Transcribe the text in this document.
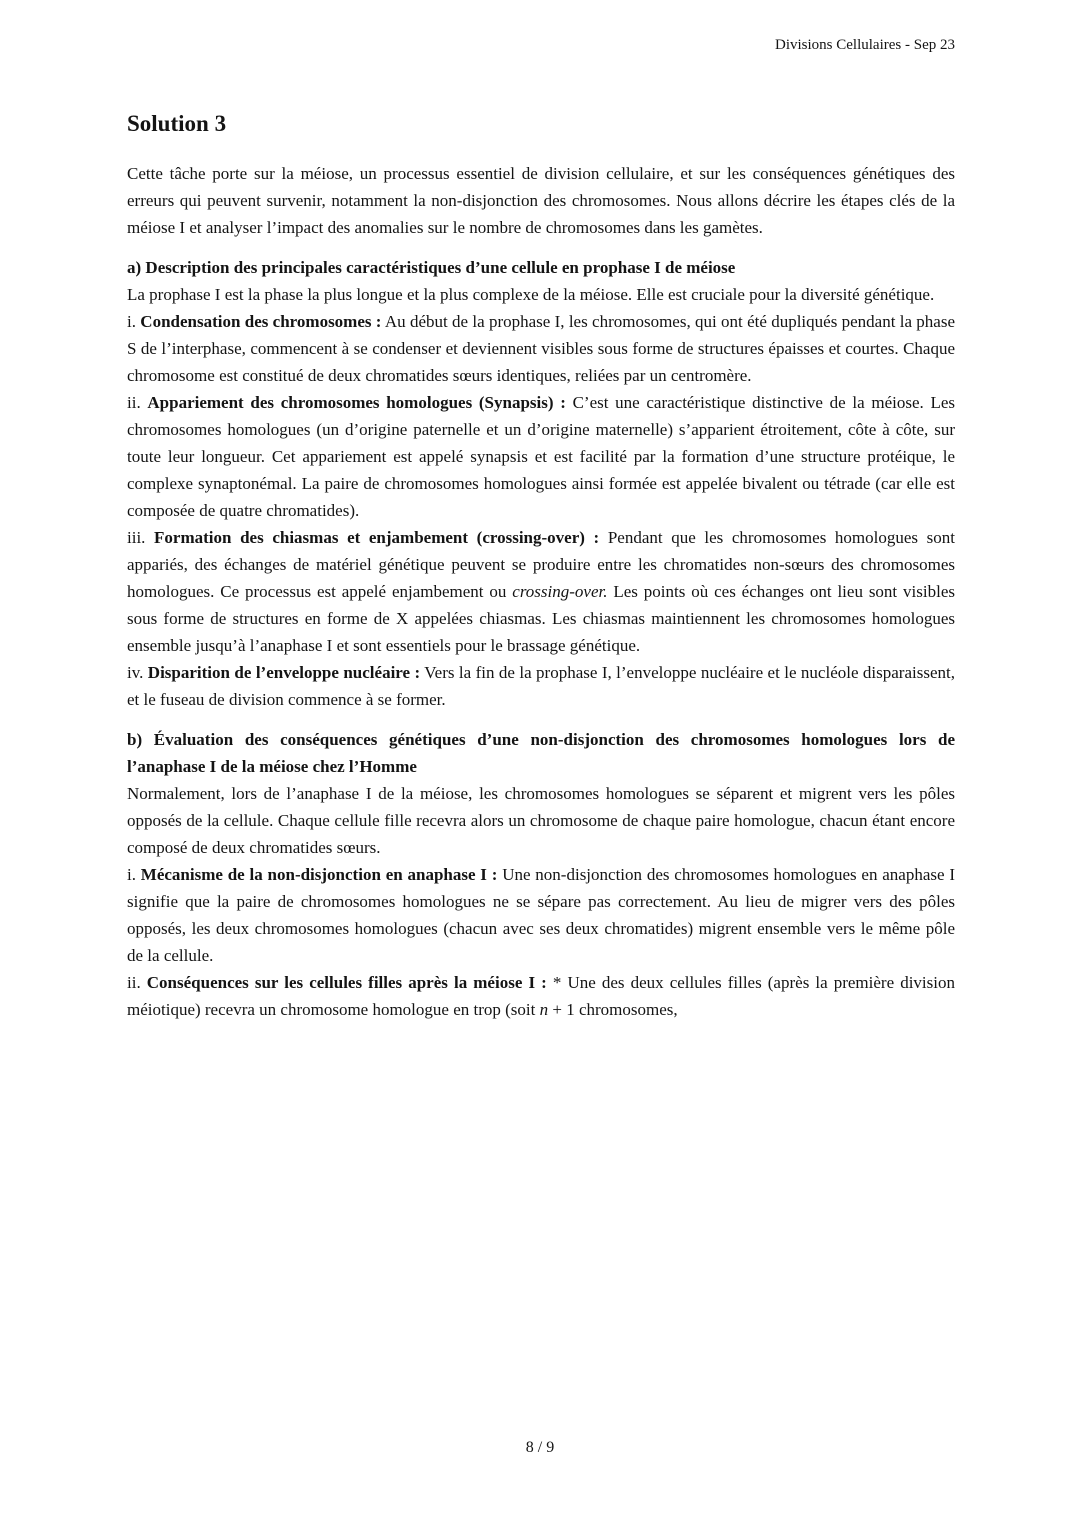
Divisions Cellulaires - Sep 23
Solution 3

Cette tâche porte sur la méiose, un processus essentiel de division cellulaire, et sur les conséquences génétiques des erreurs qui peuvent survenir, notamment la non-disjonction des chromosomes. Nous allons décrire les étapes clés de la méiose I et analyser l’impact des anomalies sur le nombre de chromosomes dans les gamètes.

a) Description des principales caractéristiques d’une cellule en prophase I de méiose

La prophase I est la phase la plus longue et la plus complexe de la méiose. Elle est cruciale pour la diversité génétique.

i. Condensation des chromosomes : Au début de la prophase I, les chromosomes, qui ont été dupliqués pendant la phase S de l’interphase, commencent à se condenser et deviennent visibles sous forme de structures épaisses et courtes. Chaque chromosome est constitué de deux chromatides sœurs identiques, reliées par un centromère.

ii. Appariement des chromosomes homologues (Synapsis) : C’est une caractéristique distinctive de la méiose. Les chromosomes homologues (un d’origine paternelle et un d’origine maternelle) s’apparient étroitement, côte à côte, sur toute leur longueur. Cet appariement est appelé synapsis et est facilité par la formation d’une structure protéique, le complexe synaptonémal. La paire de chromosomes homologues ainsi formée est appelée bivalent ou tétrade (car elle est composée de quatre chromatides).

iii. Formation des chiasmas et enjambement (crossing-over) : Pendant que les chromosomes homologues sont appariés, des échanges de matériel génétique peuvent se produire entre les chromatides non-sœurs des chromosomes homologues. Ce processus est appelé enjambement ou crossing-over. Les points où ces échanges ont lieu sont visibles sous forme de structures en forme de X appelées chiasmas. Les chiasmas maintiennent les chromosomes homologues ensemble jusqu’à l’anaphase I et sont essentiels pour le brassage génétique.

iv. Disparition de l’enveloppe nucléaire : Vers la fin de la prophase I, l’enveloppe nucléaire et le nucléole disparaissent, et le fuseau de division commence à se former.

b) Évaluation des conséquences génétiques d’une non-disjonction des chromosomes homologues lors de l’anaphase I de la méiose chez l’Homme

Normalement, lors de l’anaphase I de la méiose, les chromosomes homologues se séparent et migrent vers les pôles opposés de la cellule. Chaque cellule fille recevra alors un chromosome de chaque paire homologue, chacun étant encore composé de deux chromatides sœurs.

i. Mécanisme de la non-disjonction en anaphase I : Une non-disjonction des chromosomes homologues en anaphase I signifie que la paire de chromosomes homologues ne se sépare pas correctement. Au lieu de migrer vers des pôles opposés, les deux chromosomes homologues (chacun avec ses deux chromatides) migrent ensemble vers le même pôle de la cellule.

ii. Conséquences sur les cellules filles après la méiose I : * Une des deux cellules filles (après la première division méiotique) recevra un chromosome homologue en trop (soit n + 1 chromosomes,

8 / 9
